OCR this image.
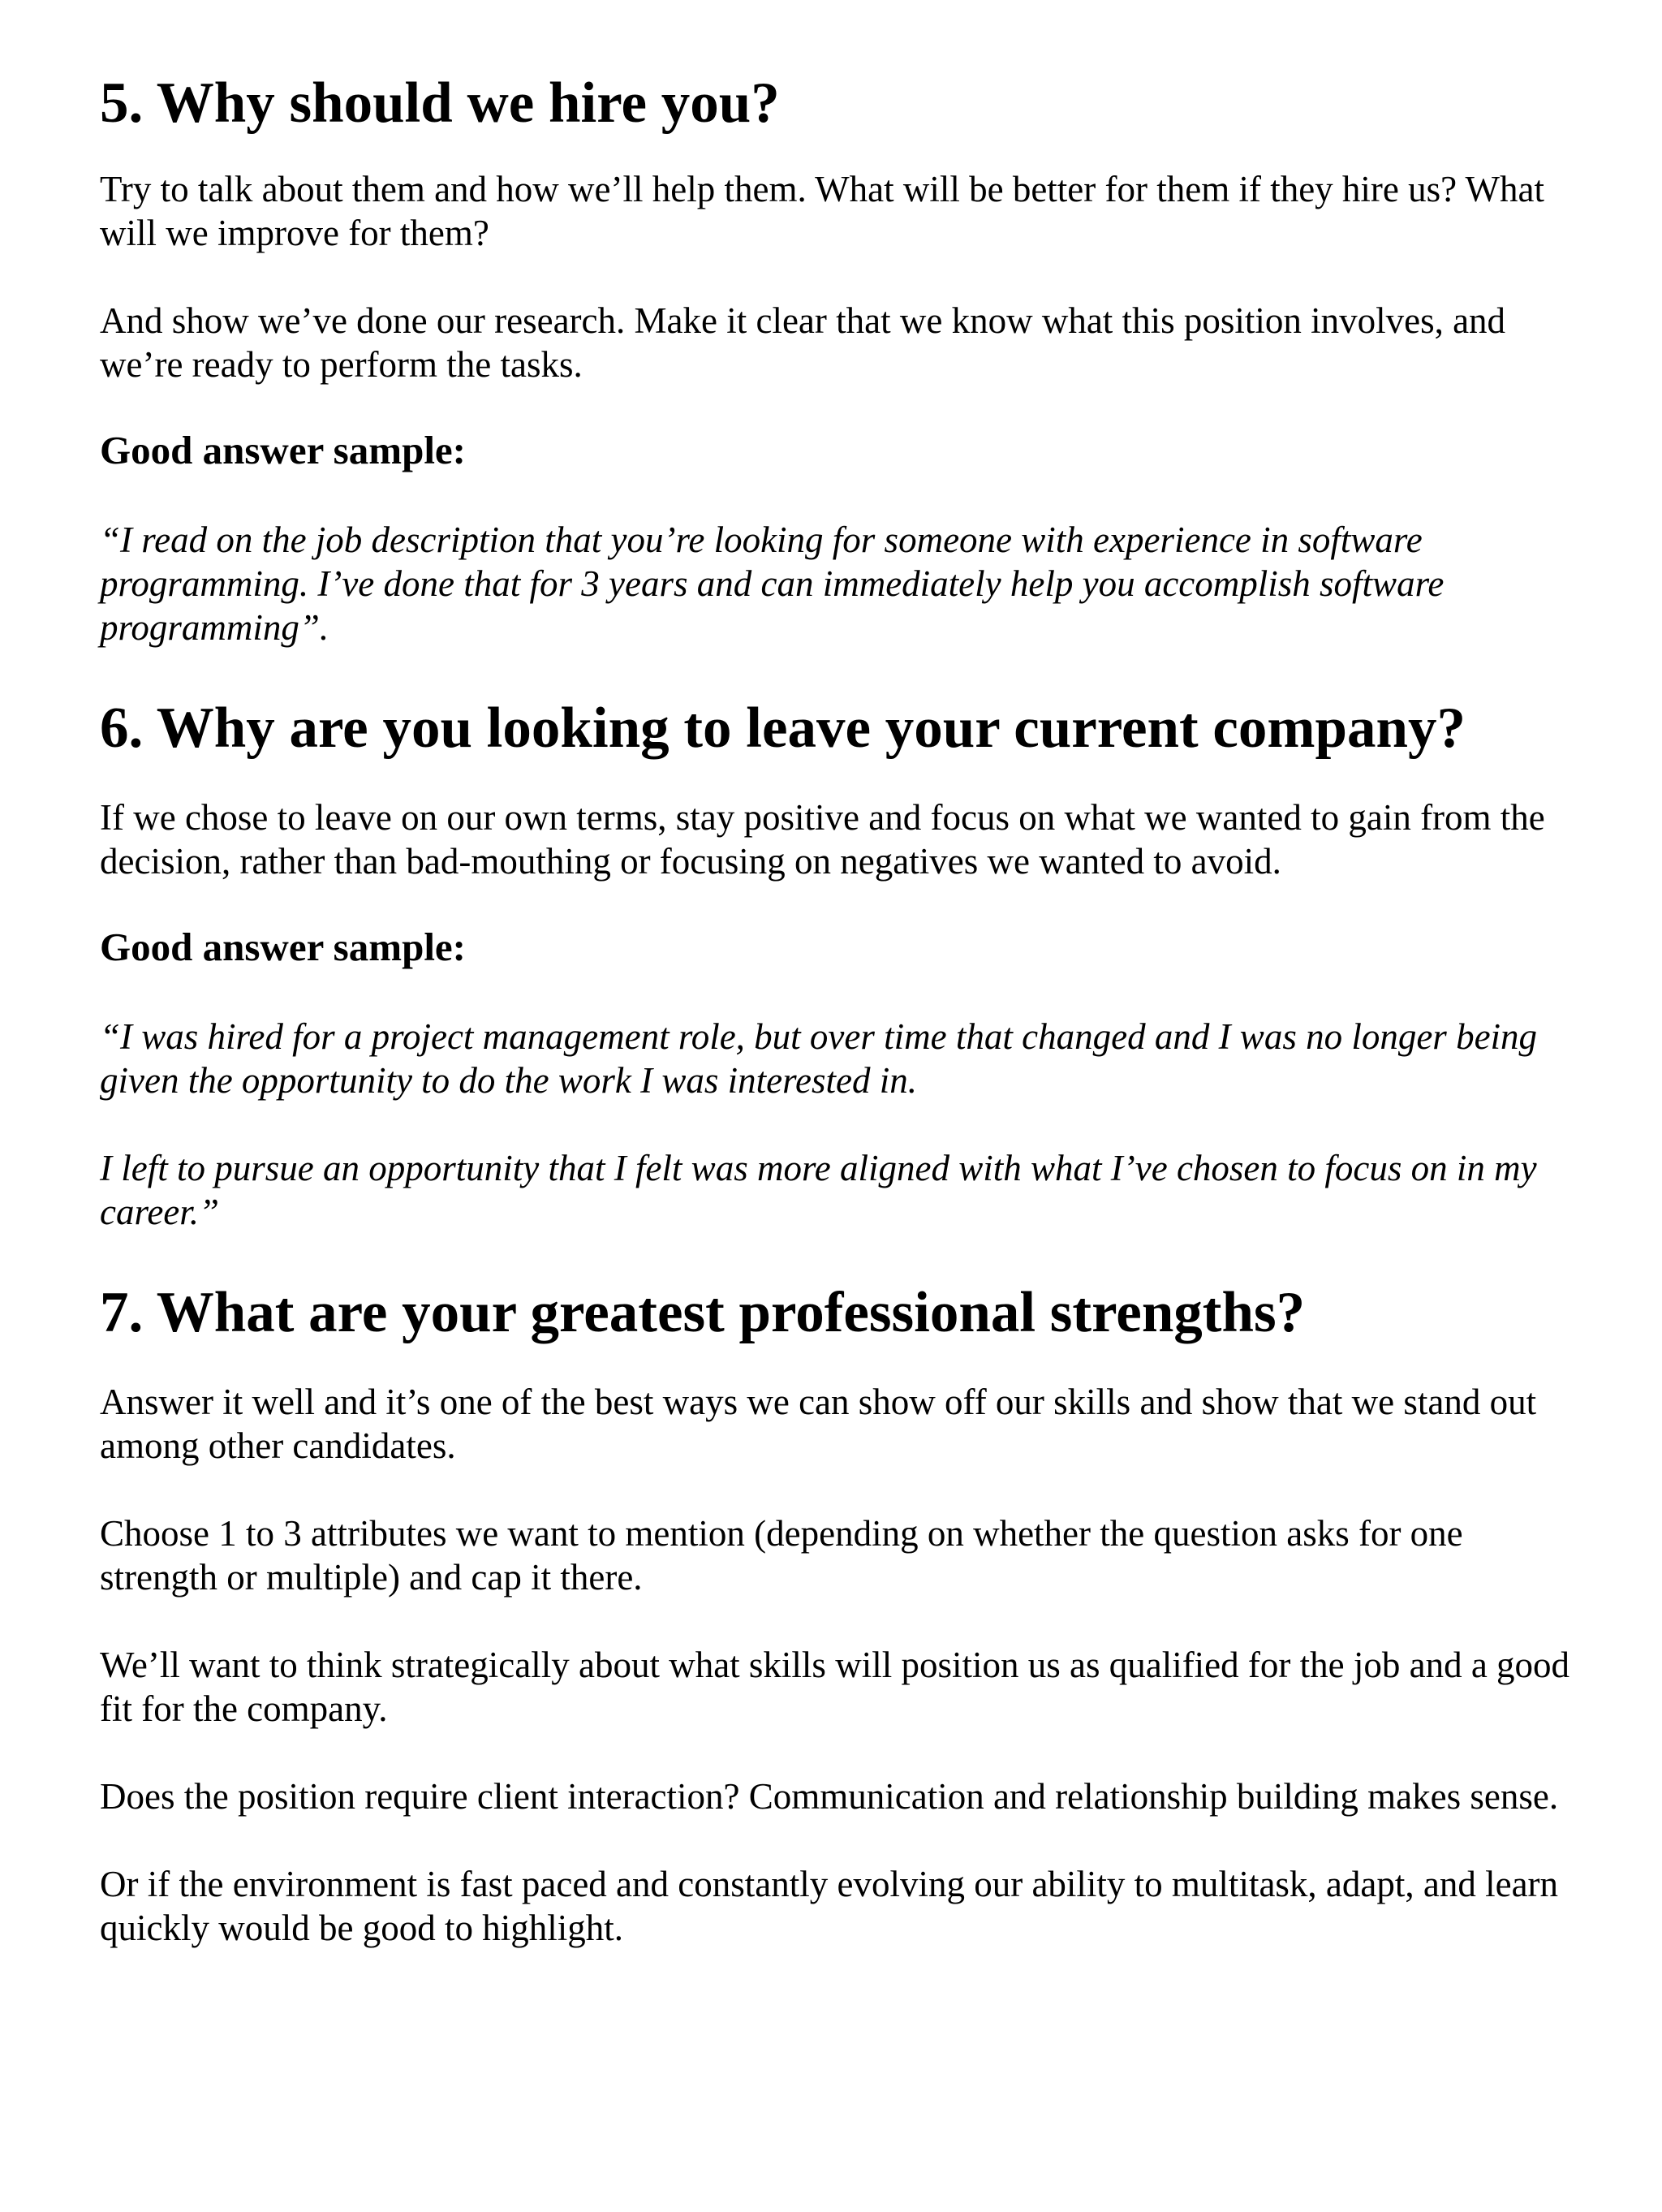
5. Why should we hire you?

Try to talk about them and how we’ll help them. What will be better for them if they hire us? What will we improve for them?

And show we’ve done our research. Make it clear that we know what this position involves, and we’re ready to perform the tasks.

Good answer sample:

“I read on the job description that you’re looking for someone with experience in software programming. I’ve done that for 3 years and can immediately help you accomplish software programming”.

6. Why are you looking to leave your current company?

If we chose to leave on our own terms, stay positive and focus on what we wanted to gain from the decision, rather than bad-mouthing or focusing on negatives we wanted to avoid.

Good answer sample:

“I was hired for a project management role, but over time that changed and I was no longer being given the opportunity to do the work I was interested in.

I left to pursue an opportunity that I felt was more aligned with what I’ve chosen to focus on in my career.”

7. What are your greatest professional strengths?

Answer it well and it’s one of the best ways we can show off our skills and show that we stand out among other candidates.

Choose 1 to 3 attributes we want to mention (depending on whether the question asks for one strength or multiple) and cap it there.

We’ll want to think strategically about what skills will position us as qualified for the job and a good fit for the company.

Does the position require client interaction? Communication and relationship building makes sense.

Or if the environment is fast paced and constantly evolving our ability to multitask, adapt, and learn quickly would be good to highlight.
